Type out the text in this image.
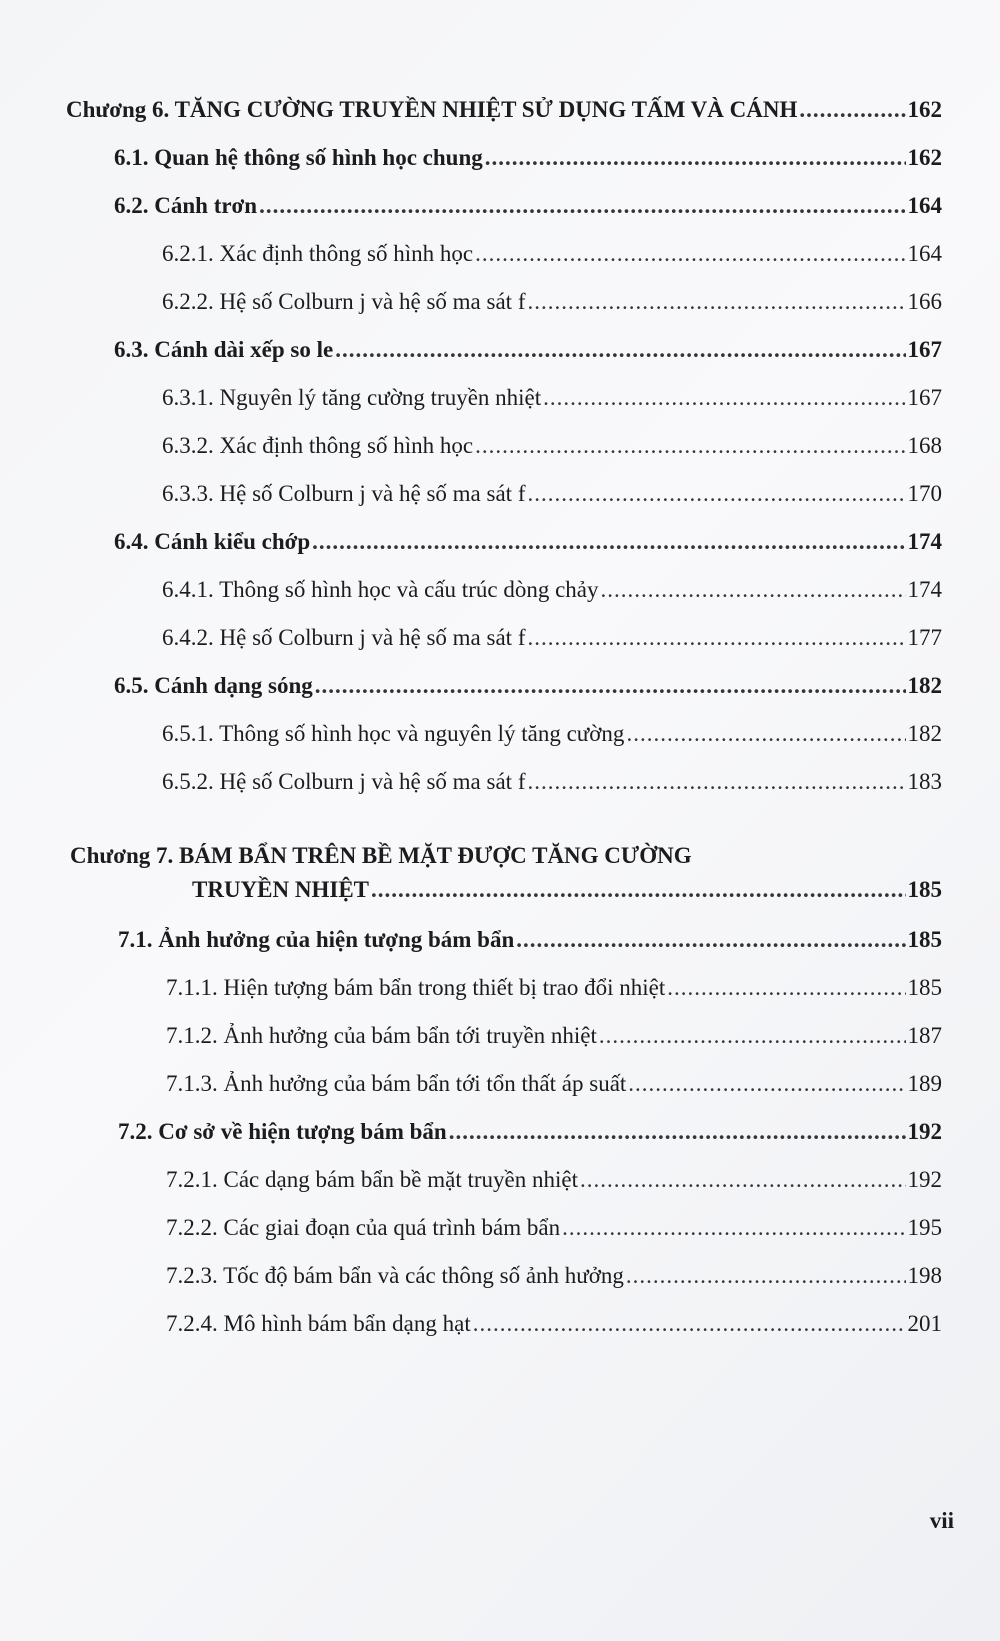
Chương 6. TĂNG CƯỜNG TRUYỀN NHIỆT SỬ DỤNG TẤM VÀ CÁNH .....	162
6.1. Quan hệ thông số hình học chung .....	162
6.2. Cánh trơn .....	164
6.2.1. Xác định thông số hình học .....	164
6.2.2. Hệ số Colburn j và hệ số ma sát f .....	166
6.3. Cánh dài xếp so le .....	167
6.3.1. Nguyên lý tăng cường truyền nhiệt .....	167
6.3.2. Xác định thông số hình học .....	168
6.3.3. Hệ số Colburn j và hệ số ma sát f .....	170
6.4. Cánh kiểu chớp .....	174
6.4.1. Thông số hình học và cấu trúc dòng chảy .....	174
6.4.2. Hệ số Colburn j và hệ số ma sát f .....	177
6.5. Cánh dạng sóng .....	182
6.5.1. Thông số hình học và nguyên lý tăng cường .....	182
6.5.2. Hệ số Colburn j và hệ số ma sát f .....	183
Chương 7. BÁM BẨN TRÊN BỀ MẶT ĐƯỢC TĂNG CƯỜNG
TRUYỀN NHIỆT .....	185
7.1. Ảnh hưởng của hiện tượng bám bẩn .....	185
7.1.1. Hiện tượng bám bẩn trong thiết bị trao đổi nhiệt .....	185
7.1.2. Ảnh hưởng của bám bẩn tới truyền nhiệt .....	187
7.1.3. Ảnh hưởng của bám bẩn tới tổn thất áp suất .....	189
7.2. Cơ sở về hiện tượng bám bẩn .....	192
7.2.1. Các dạng bám bẩn bề mặt truyền nhiệt .....	192
7.2.2. Các giai đoạn của quá trình bám bẩn .....	195
7.2.3. Tốc độ bám bẩn và các thông số ảnh hưởng .....	198
7.2.4. Mô hình bám bẩn dạng hạt .....	201
vii
